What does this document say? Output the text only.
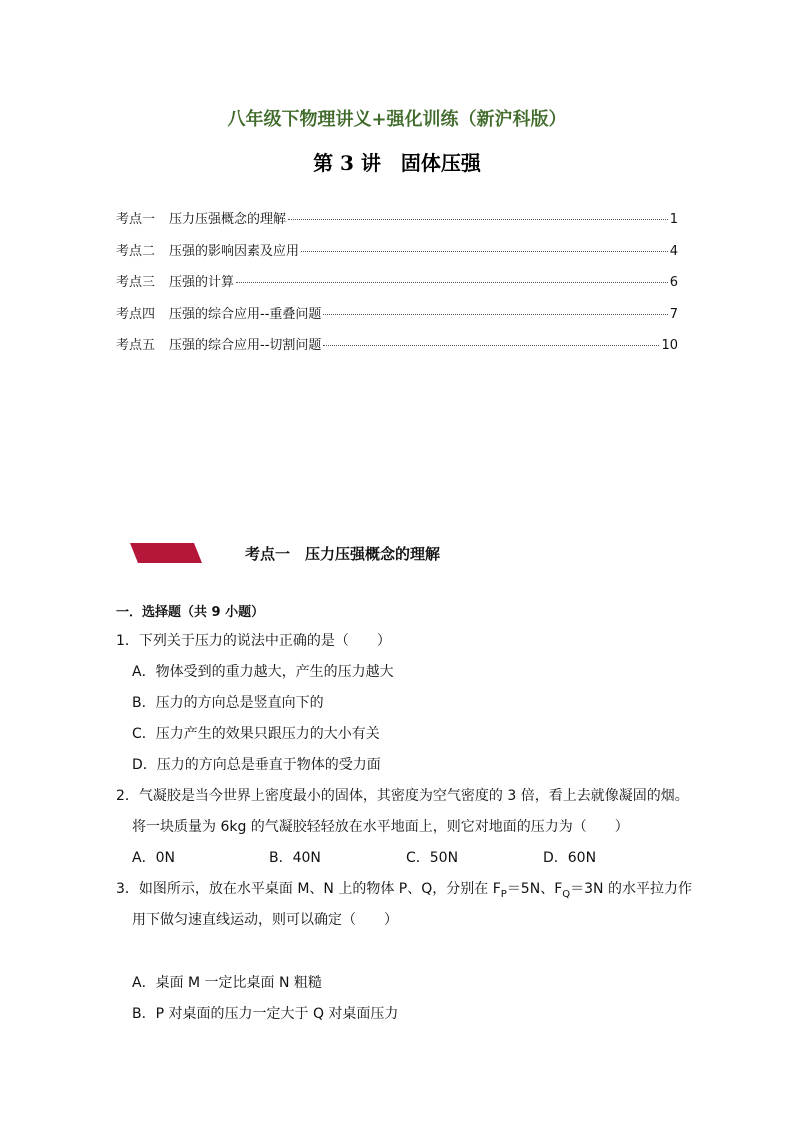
八年级下物理讲义+强化训练（新沪科版）
第 3 讲　固体压强
考点一 压力压强概念的理解	1
考点二 压强的影响因素及应用	4
考点三 压强的计算	6
考点四 压强的综合应用--重叠问题	7
考点五 压强的综合应用--切割问题	10
考点一　压力压强概念的理解
一．选择题（共 9 小题）
1．下列关于压力的说法中正确的是（　　）
A．物体受到的重力越大，产生的压力越大
B．压力的方向总是竖直向下的
C．压力产生的效果只跟压力的大小有关
D．压力的方向总是垂直于物体的受力面
2．气凝胶是当今世界上密度最小的固体，其密度为空气密度的 3 倍，看上去就像凝固的烟。
将一块质量为 6kg 的气凝胶轻轻放在水平地面上，则它对地面的压力为（　　）
A．0N	B．40N	C．50N	D．60N
3．如图所示，放在水平桌面 M、N 上的物体 P、Q，分别在 $F_P=5N$、$F_Q=3N$ 的水平拉力作
用下做匀速直线运动，则可以确定（　　）
A．桌面 M 一定比桌面 N 粗糙
B．P 对桌面的压力一定大于 Q 对桌面压力
